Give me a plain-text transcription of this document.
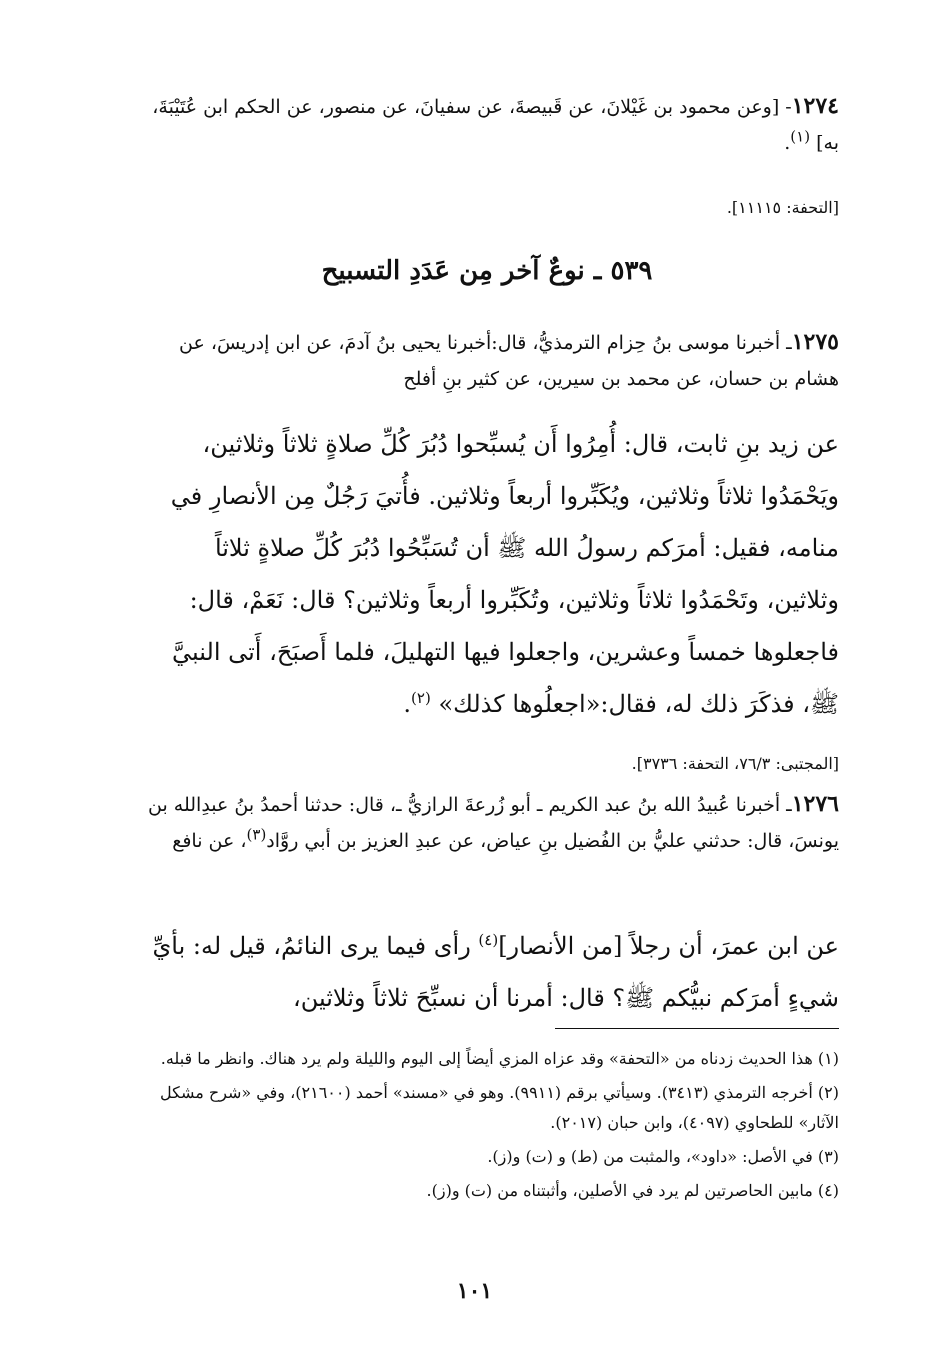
١٢٧٤- [وعن محمود بن غَيْلانَ، عن قَبيصةَ، عن سفيانَ، عن منصور، عن الحكم ابن عُتَيْبَةَ، به] $^{(١)}$.

[التحفة: ١١١١٥].

٥٣٩ ـ نوعٌ آخر مِن عَدَدِ التسبيح

١٢٧٥ـ أخبرنا موسى بنُ حِزام الترمذيُّ، قال:أخبرنا يحيى بنُ آدمَ، عن ابن إدريسَ، عن هشام بن حسان، عن محمد بن سيرين، عن كثير بنِ أفلح

عن زيد بنِ ثابت، قال: أُمِرُوا أَن يُسبِّحوا دُبُرَ كُلِّ صلاةٍ ثلاثاً وثلاثين، ويَحْمَدُوا ثلاثاً وثلاثين، ويُكَبِّروا أربعاً وثلاثين. فأُتيَ رَجُلٌ مِن الأنصارِ في منامه، فقيل: أمرَكم رسولُ الله ﷺ أن تُسَبِّحُوا دُبُرَ كُلِّ صلاةٍ ثلاثاً وثلاثين، وتَحْمَدُوا ثلاثاً وثلاثين، وتُكَبِّروا أربعاً وثلاثين؟ قال: نَعَمْ، قال: فاجعلوها خمساً وعشرين، واجعلوا فيها التهليلَ، فلما أَصبَحَ، أَتى النبيَّ ﷺ، فذكَرَ ذلك له، فقال:«اجعلُوها كذلك» $^{(٢)}$.

[المجتبى: ٧٦/٣، التحفة: ٣٧٣٦].

١٢٧٦ـ أخبرنا عُبيدُ الله بنُ عبد الكريم ـ أبو زُرعةَ الرازيُّ ـ، قال: حدثنا أحمدُ بنُ عبدِالله بن يونسَ، قال: حدثني عليُّ بن الفُضيل بنِ عياض، عن عبدِ العزيز بن أبي روَّاد$^{(٣)}$، عن نافع

عن ابن عمرَ، أن رجلاً [من الأنصار]$^{(٤)}$ رأى فيما يرى النائمُ، قيل له: بأيِّ شيءٍ أمرَكم نبيُّكم ﷺ؟ قال: أمرنا أن نسبِّحَ ثلاثاً وثلاثين،

(١) هذا الحديث زدناه من «التحفة» وقد عزاه المزي أيضاً إلى اليوم والليلة ولم يرد هناك. وانظر ما قبله.

(٢) أخرجه الترمذي (٣٤١٣). وسيأتي برقم (٩٩١١). وهو في «مسند» أحمد (٢١٦٠٠)، وفي «شرح مشكل الآثار» للطحاوي (٤٠٩٧)، وابن حبان (٢٠١٧).

(٣) في الأصل: «داود»، والمثبت من (ط) و (ت) و(ز).

(٤) مابين الحاصرتين لم يرد في الأصلين، وأثبتناه من (ت) و(ز).

١٠١
